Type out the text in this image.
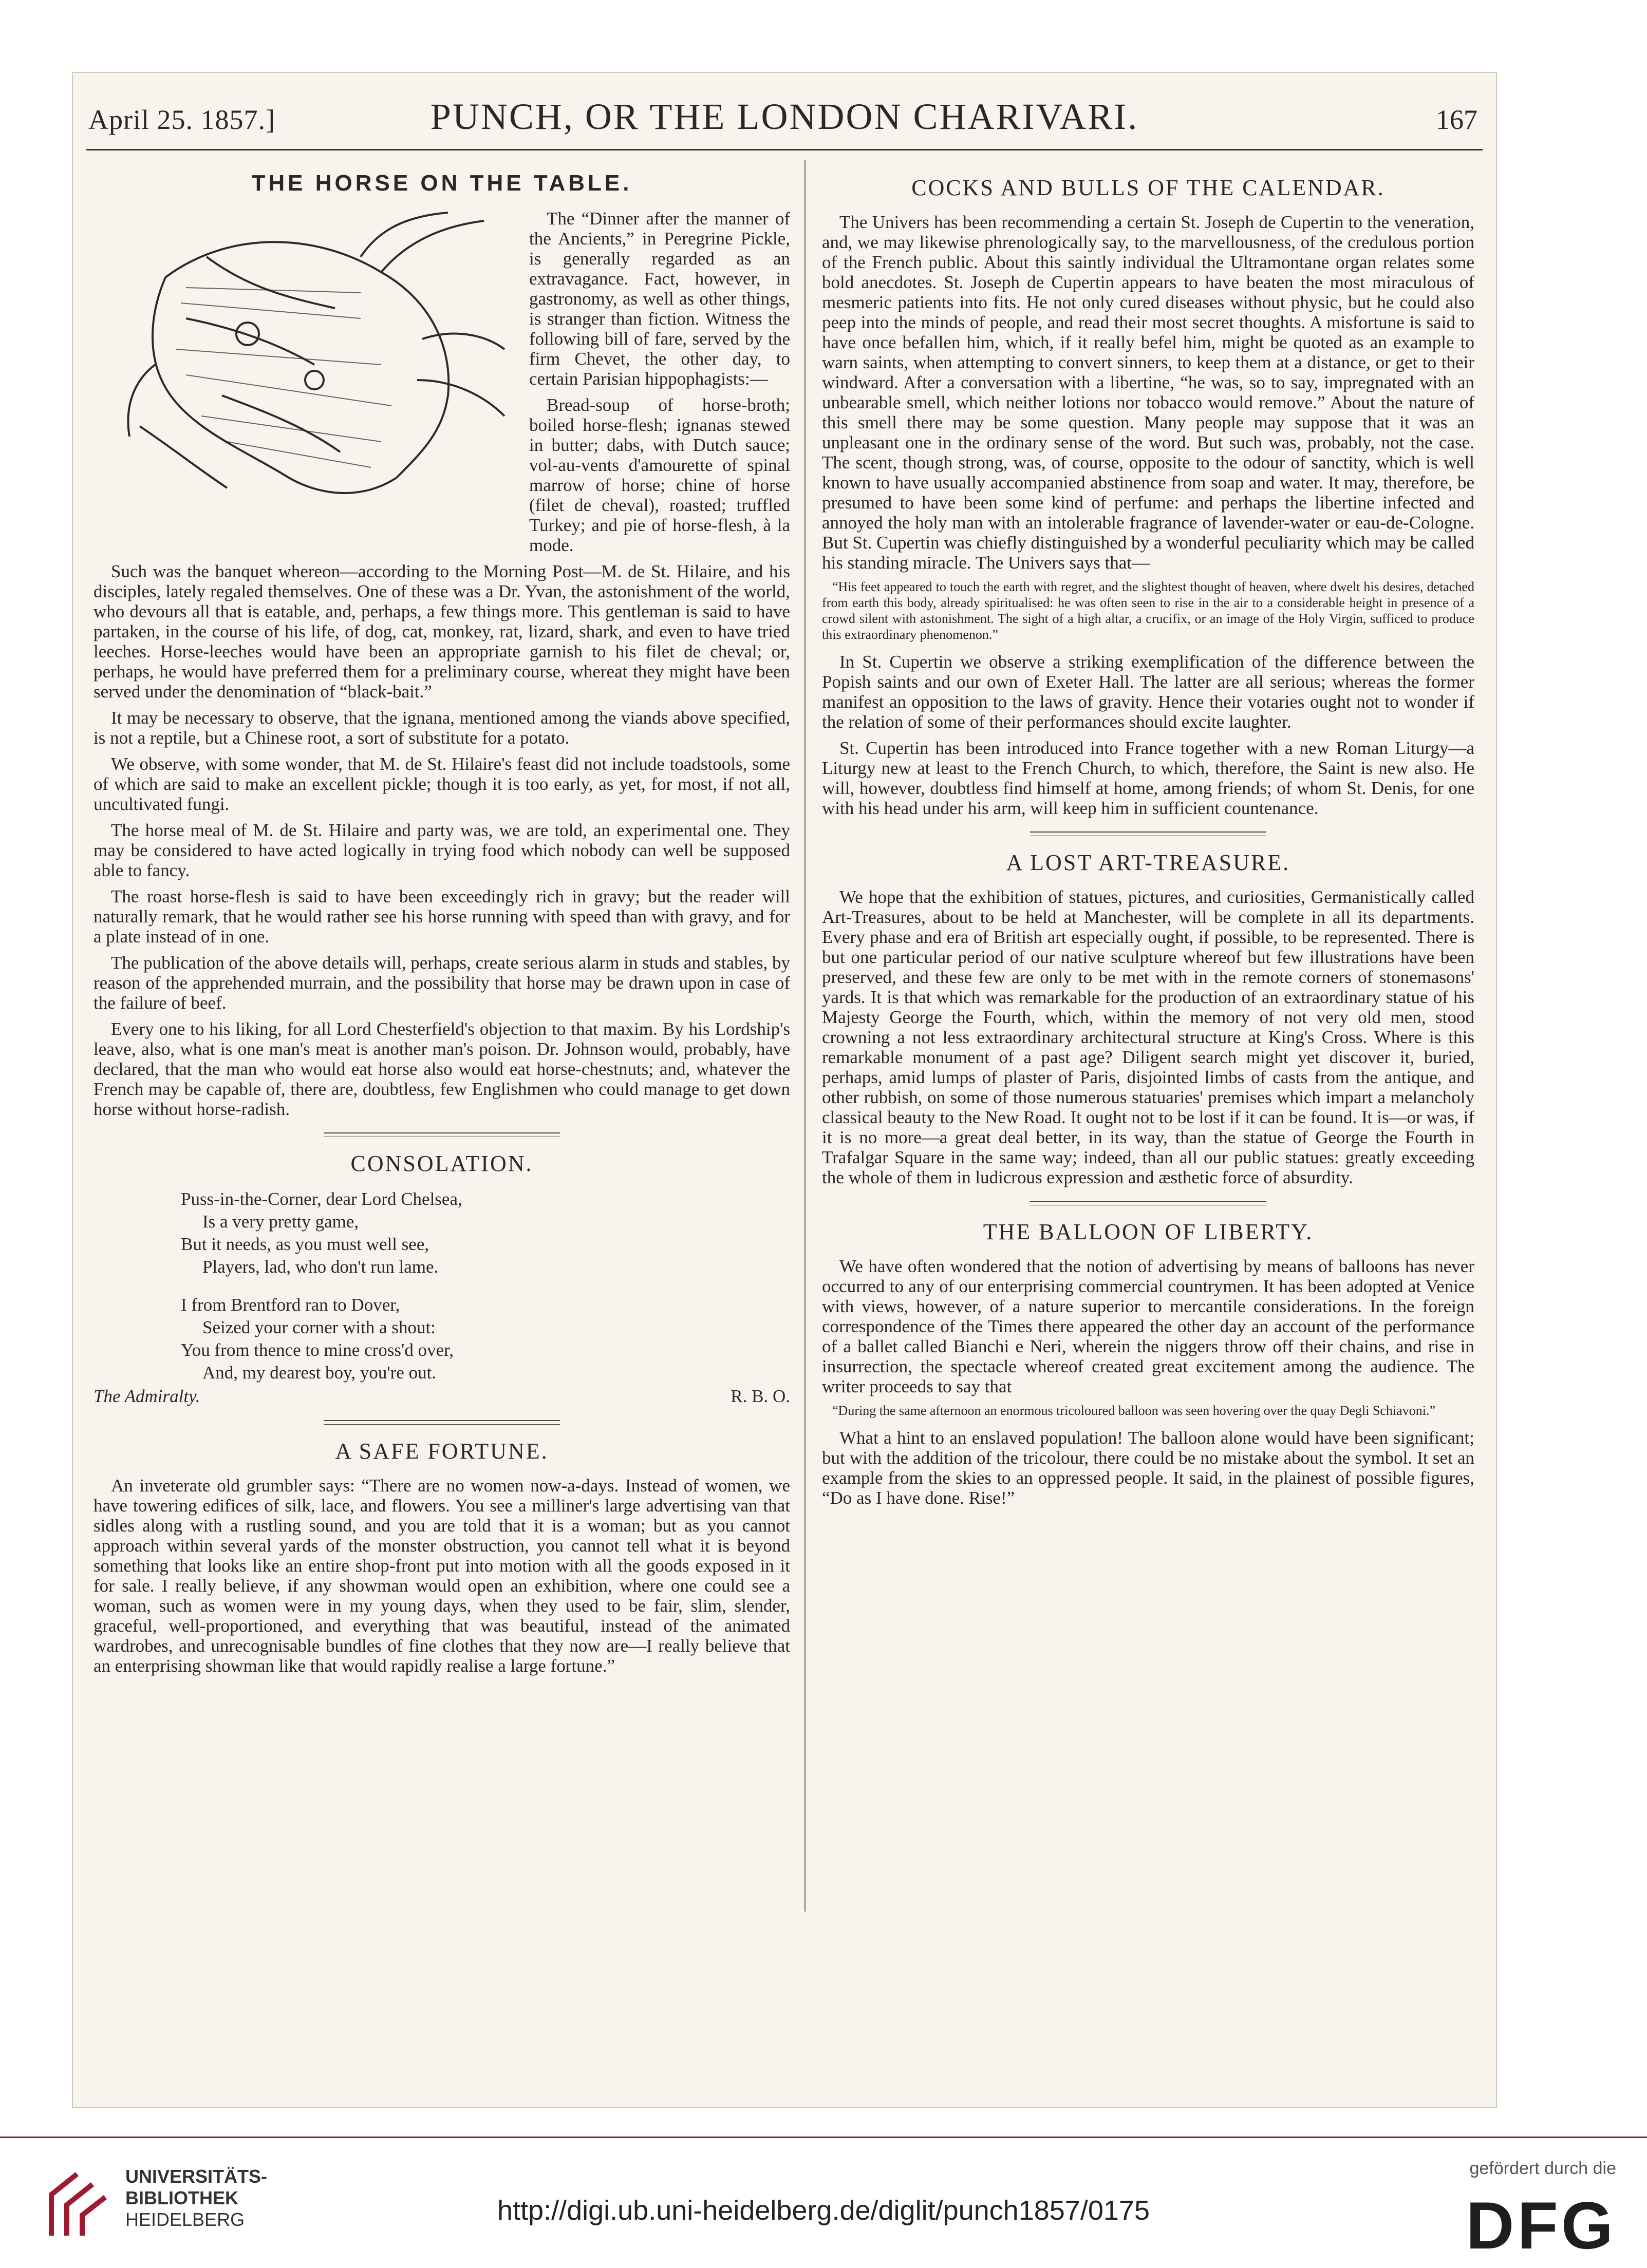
April 25. 1857.]	PUNCH, OR THE LONDON CHARIVARI.	167
THE HORSE ON THE TABLE.

The “Dinner after the manner of the Ancients,” in Peregrine Pickle, is generally regarded as an extravagance. Fact, however, in gastronomy, as well as other things, is stranger than fiction. Witness the following bill of fare, served by the firm Chevet, the other day, to certain Parisian hippophagists:—

Bread-soup of horse-broth; boiled horse-flesh; ignanas stewed in butter; dabs, with Dutch sauce; vol-au-vents d'amourette of spinal marrow of horse; chine of horse (filet de cheval), roasted; truffled Turkey; and pie of horse-flesh, à la mode.

Such was the banquet whereon—according to the Morning Post—M. de St. Hilaire, and his disciples, lately regaled themselves. One of these was a Dr. Yvan, the astonishment of the world, who devours all that is eatable, and, perhaps, a few things more. This gentleman is said to have partaken, in the course of his life, of dog, cat, monkey, rat, lizard, shark, and even to have tried leeches. Horse-leeches would have been an appropriate garnish to his filet de cheval; or, perhaps, he would have preferred them for a preliminary course, whereat they might have been served under the denomination of “black-bait.”

It may be necessary to observe, that the ignana, mentioned among the viands above specified, is not a reptile, but a Chinese root, a sort of substitute for a potato.

We observe, with some wonder, that M. de St. Hilaire's feast did not include toadstools, some of which are said to make an excellent pickle; though it is too early, as yet, for most, if not all, uncultivated fungi.

The horse meal of M. de St. Hilaire and party was, we are told, an experimental one. They may be considered to have acted logically in trying food which nobody can well be supposed able to fancy.

The roast horse-flesh is said to have been exceedingly rich in gravy; but the reader will naturally remark, that he would rather see his horse running with speed than with gravy, and for a plate instead of in one.

The publication of the above details will, perhaps, create serious alarm in studs and stables, by reason of the apprehended murrain, and the possibility that horse may be drawn upon in case of the failure of beef.

Every one to his liking, for all Lord Chesterfield's objection to that maxim. By his Lordship's leave, also, what is one man's meat is another man's poison. Dr. Johnson would, probably, have declared, that the man who would eat horse also would eat horse-chestnuts; and, whatever the French may be capable of, there are, doubtless, few Englishmen who could manage to get down horse without horse-radish.

CONSOLATION.
Puss-in-the-Corner, dear Lord Chelsea,
Is a very pretty game,
But it needs, as you must well see,
Players, lad, who don't run lame.
I from Brentford ran to Dover,
Seized your corner with a shout:
You from thence to mine cross'd over,
And, my dearest boy, you're out.
The Admiralty.	R. B. O.
A SAFE FORTUNE.

An inveterate old grumbler says: “There are no women now-a-days. Instead of women, we have towering edifices of silk, lace, and flowers. You see a milliner's large advertising van that sidles along with a rustling sound, and you are told that it is a woman; but as you cannot approach within several yards of the monster obstruction, you cannot tell what it is beyond something that looks like an entire shop-front put into motion with all the goods exposed in it for sale. I really believe, if any showman would open an exhibition, where one could see a woman, such as women were in my young days, when they used to be fair, slim, slender, graceful, well-proportioned, and everything that was beautiful, instead of the animated wardrobes, and unrecognisable bundles of fine clothes that they now are—I really believe that an enterprising showman like that would rapidly realise a large fortune.”

COCKS AND BULLS OF THE CALENDAR.

The Univers has been recommending a certain St. Joseph de Cupertin to the veneration, and, we may likewise phrenologically say, to the marvellousness, of the credulous portion of the French public. About this saintly individual the Ultramontane organ relates some bold anecdotes. St. Joseph de Cupertin appears to have beaten the most miraculous of mesmeric patients into fits. He not only cured diseases without physic, but he could also peep into the minds of people, and read their most secret thoughts. A misfortune is said to have once befallen him, which, if it really befel him, might be quoted as an example to warn saints, when attempting to convert sinners, to keep them at a distance, or get to their windward. After a conversation with a libertine, “he was, so to say, impregnated with an unbearable smell, which neither lotions nor tobacco would remove.” About the nature of this smell there may be some question. Many people may suppose that it was an unpleasant one in the ordinary sense of the word. But such was, probably, not the case. The scent, though strong, was, of course, opposite to the odour of sanctity, which is well known to have usually accompanied abstinence from soap and water. It may, therefore, be presumed to have been some kind of perfume: and perhaps the libertine infected and annoyed the holy man with an intolerable fragrance of lavender-water or eau-de-Cologne. But St. Cupertin was chiefly distinguished by a wonderful peculiarity which may be called his standing miracle. The Univers says that—

“His feet appeared to touch the earth with regret, and the slightest thought of heaven, where dwelt his desires, detached from earth this body, already spiritualised: he was often seen to rise in the air to a considerable height in presence of a crowd silent with astonishment. The sight of a high altar, a crucifix, or an image of the Holy Virgin, sufficed to produce this extraordinary phenomenon.”

In St. Cupertin we observe a striking exemplification of the difference between the Popish saints and our own of Exeter Hall. The latter are all serious; whereas the former manifest an opposition to the laws of gravity. Hence their votaries ought not to wonder if the relation of some of their performances should excite laughter.

St. Cupertin has been introduced into France together with a new Roman Liturgy—a Liturgy new at least to the French Church, to which, therefore, the Saint is new also. He will, however, doubtless find himself at home, among friends; of whom St. Denis, for one with his head under his arm, will keep him in sufficient countenance.

A LOST ART-TREASURE.

We hope that the exhibition of statues, pictures, and curiosities, Germanistically called Art-Treasures, about to be held at Manchester, will be complete in all its departments. Every phase and era of British art especially ought, if possible, to be represented. There is but one particular period of our native sculpture whereof but few illustrations have been preserved, and these few are only to be met with in the remote corners of stonemasons' yards. It is that which was remarkable for the production of an extraordinary statue of his Majesty George the Fourth, which, within the memory of not very old men, stood crowning a not less extraordinary architectural structure at King's Cross. Where is this remarkable monument of a past age? Diligent search might yet discover it, buried, perhaps, amid lumps of plaster of Paris, disjointed limbs of casts from the antique, and other rubbish, on some of those numerous statuaries' premises which impart a melancholy classical beauty to the New Road. It ought not to be lost if it can be found. It is—or was, if it is no more—a great deal better, in its way, than the statue of George the Fourth in Trafalgar Square in the same way; indeed, than all our public statues: greatly exceeding the whole of them in ludicrous expression and æsthetic force of absurdity.

THE BALLOON OF LIBERTY.

We have often wondered that the notion of advertising by means of balloons has never occurred to any of our enterprising commercial countrymen. It has been adopted at Venice with views, however, of a nature superior to mercantile considerations. In the foreign correspondence of the Times there appeared the other day an account of the performance of a ballet called Bianchi e Neri, wherein the niggers throw off their chains, and rise in insurrection, the spectacle whereof created great excitement among the audience. The writer proceeds to say that

“During the same afternoon an enormous tricoloured balloon was seen hovering over the quay Degli Schiavoni.”

What a hint to an enslaved population! The balloon alone would have been significant; but with the addition of the tricolour, there could be no mistake about the symbol. It set an example from the skies to an oppressed people. It said, in the plainest of possible figures, “Do as I have done. Rise!”

UNIVERSITÄTS-
BIBLIOTHEK
HEIDELBERG	http://digi.ub.uni-heidelberg.de/diglit/punch1857/0175
gefördert durch die
DFG
